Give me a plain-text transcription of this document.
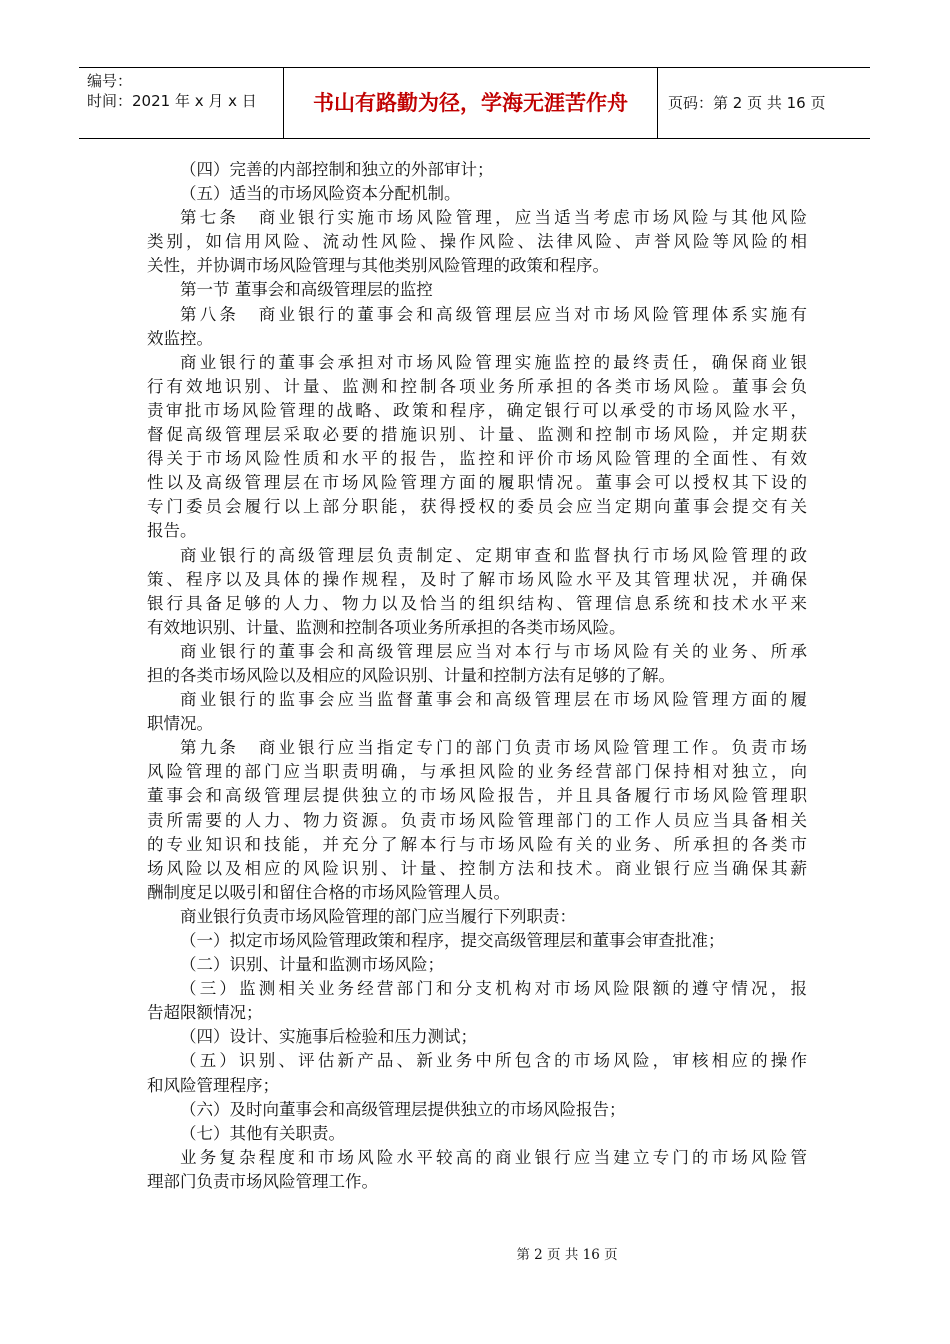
编号：
时间：2021 年 x 月 x 日	书山有路勤为径，学海无涯苦作舟	页码：第 2 页 共 16 页
（四）完善的内部控制和独立的外部审计；
（五）适当的市场风险资本分配机制。
第七条　商业银行实施市场风险管理，应当适当考虑市场风险与其他风险
类别，如信用风险、流动性风险、操作风险、法律风险、声誉风险等风险的相
关性，并协调市场风险管理与其他类别风险管理的政策和程序。
第一节 董事会和高级管理层的监控
第八条　商业银行的董事会和高级管理层应当对市场风险管理体系实施有
效监控。
商业银行的董事会承担对市场风险管理实施监控的最终责任，确保商业银
行有效地识别、计量、监测和控制各项业务所承担的各类市场风险。董事会负
责审批市场风险管理的战略、政策和程序，确定银行可以承受的市场风险水平，
督促高级管理层采取必要的措施识别、计量、监测和控制市场风险，并定期获
得关于市场风险性质和水平的报告，监控和评价市场风险管理的全面性、有效
性以及高级管理层在市场风险管理方面的履职情况。董事会可以授权其下设的
专门委员会履行以上部分职能，获得授权的委员会应当定期向董事会提交有关
报告。
商业银行的高级管理层负责制定、定期审查和监督执行市场风险管理的政
策、程序以及具体的操作规程，及时了解市场风险水平及其管理状况，并确保
银行具备足够的人力、物力以及恰当的组织结构、管理信息系统和技术水平来
有效地识别、计量、监测和控制各项业务所承担的各类市场风险。
商业银行的董事会和高级管理层应当对本行与市场风险有关的业务、所承
担的各类市场风险以及相应的风险识别、计量和控制方法有足够的了解。
商业银行的监事会应当监督董事会和高级管理层在市场风险管理方面的履
职情况。
第九条　商业银行应当指定专门的部门负责市场风险管理工作。负责市场
风险管理的部门应当职责明确，与承担风险的业务经营部门保持相对独立，向
董事会和高级管理层提供独立的市场风险报告，并且具备履行市场风险管理职
责所需要的人力、物力资源。负责市场风险管理部门的工作人员应当具备相关
的专业知识和技能，并充分了解本行与市场风险有关的业务、所承担的各类市
场风险以及相应的风险识别、计量、控制方法和技术。商业银行应当确保其薪
酬制度足以吸引和留住合格的市场风险管理人员。
商业银行负责市场风险管理的部门应当履行下列职责：
（一）拟定市场风险管理政策和程序，提交高级管理层和董事会审查批准；
（二）识别、计量和监测市场风险；
（三）监测相关业务经营部门和分支机构对市场风险限额的遵守情况，报
告超限额情况；
（四）设计、实施事后检验和压力测试；
（五）识别、评估新产品、新业务中所包含的市场风险，审核相应的操作
和风险管理程序；
（六）及时向董事会和高级管理层提供独立的市场风险报告；
（七）其他有关职责。
业务复杂程度和市场风险水平较高的商业银行应当建立专门的市场风险管
理部门负责市场风险管理工作。
第 2 页 共 16 页
